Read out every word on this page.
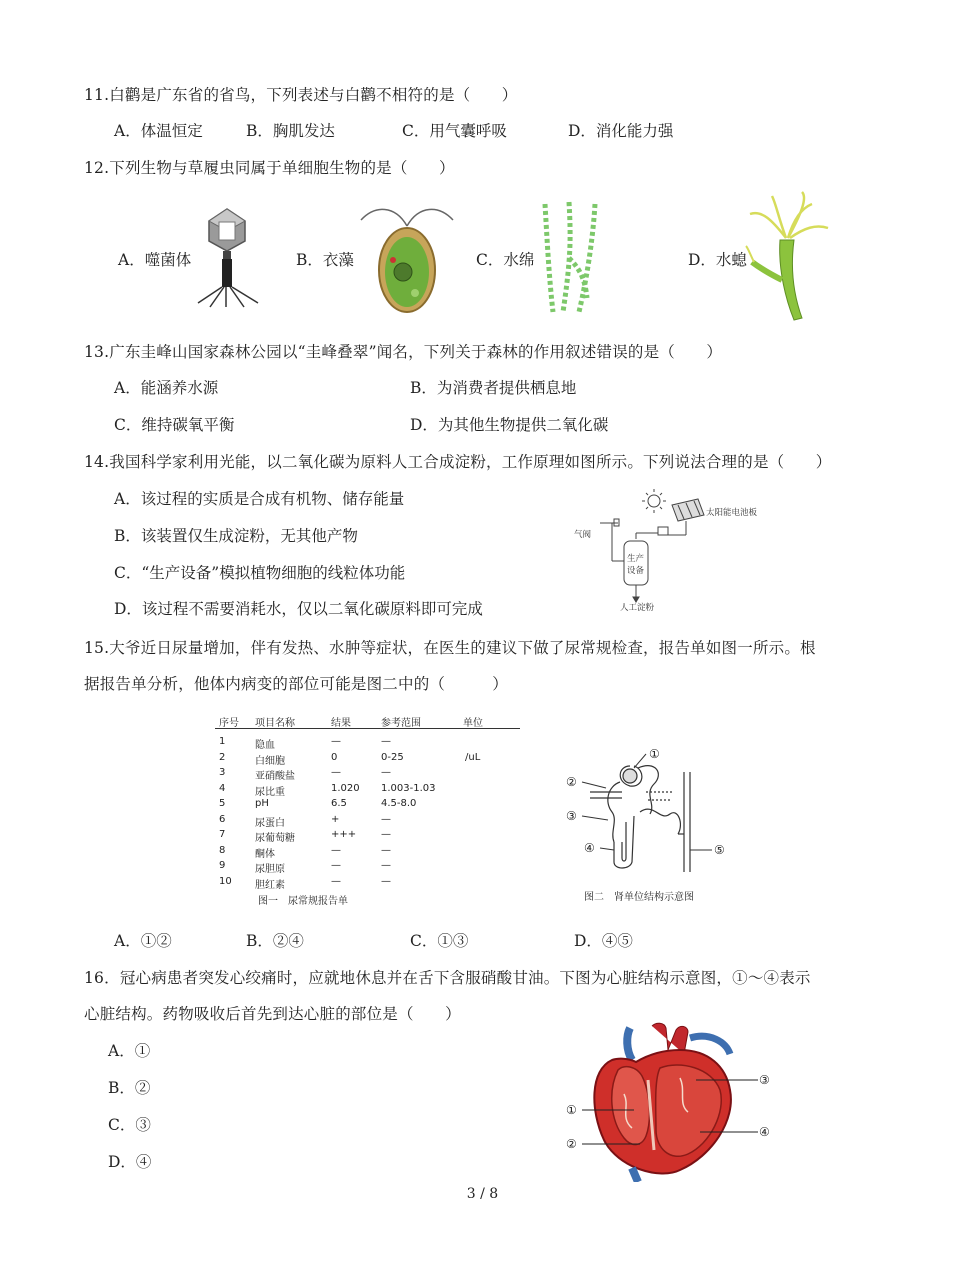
11.白鹳是广东省的省鸟，下列表述与白鹳不相符的是（　　）
A．体温恒定	B．胸肌发达	C．用气囊呼吸	D．消化能力强
12.下列生物与草履虫同属于单细胞生物的是（　　）
A．噬菌体	B．衣藻	C．水绵	D．水螅
13.广东圭峰山国家森林公园以“圭峰叠翠”闻名，下列关于森林的作用叙述错误的是（　　）
A．能涵养水源	B．为消费者提供栖息地
C．维持碳氧平衡	D．为其他生物提供二氧化碳
14.我国科学家利用光能，以二氧化碳为原料人工合成淀粉，工作原理如图所示。下列说法合理的是（　　）
A．该过程的实质是合成有机物、储存能量
B．该装置仅生成淀粉，无其他产物
C．“生产设备”模拟植物细胞的线粒体功能
D．该过程不需要消耗水，仅以二氧化碳原料即可完成
太阳能电池板
气阀
生产
设备
人工淀粉
15.大爷近日尿量增加，伴有发热、水肿等症状，在医生的建议下做了尿常规检查，报告单如图一所示。根
据报告单分析，他体内病变的部位可能是图二中的（　　　）
序号 项目名称	结果	参考范围	单位
1	隐血	—	—
2	白细胞	0	0-25	/uL
3	亚硝酸盐	—	—
4	尿比重	1.020 1.003-1.03
5	pH	6.5	4.5-8.0
6	尿蛋白	+	—
7	尿葡萄糖	+++ —
8	酮体	—	—
9	尿胆原	—	—
10 胆红素	—	—
图一　尿常规报告单
①
②
③
④	⑤
图二　肾单位结构示意图
A．①②	B．②④	C．①③	D．④⑤
16．冠心病患者突发心绞痛时，应就地休息并在舌下含服硝酸甘油。下图为心脏结构示意图，①～④表示
心脏结构。药物吸收后首先到达心脏的部位是（　　）
A．①
B．②
C．③
D．④
①
②
③
④
3 / 8
